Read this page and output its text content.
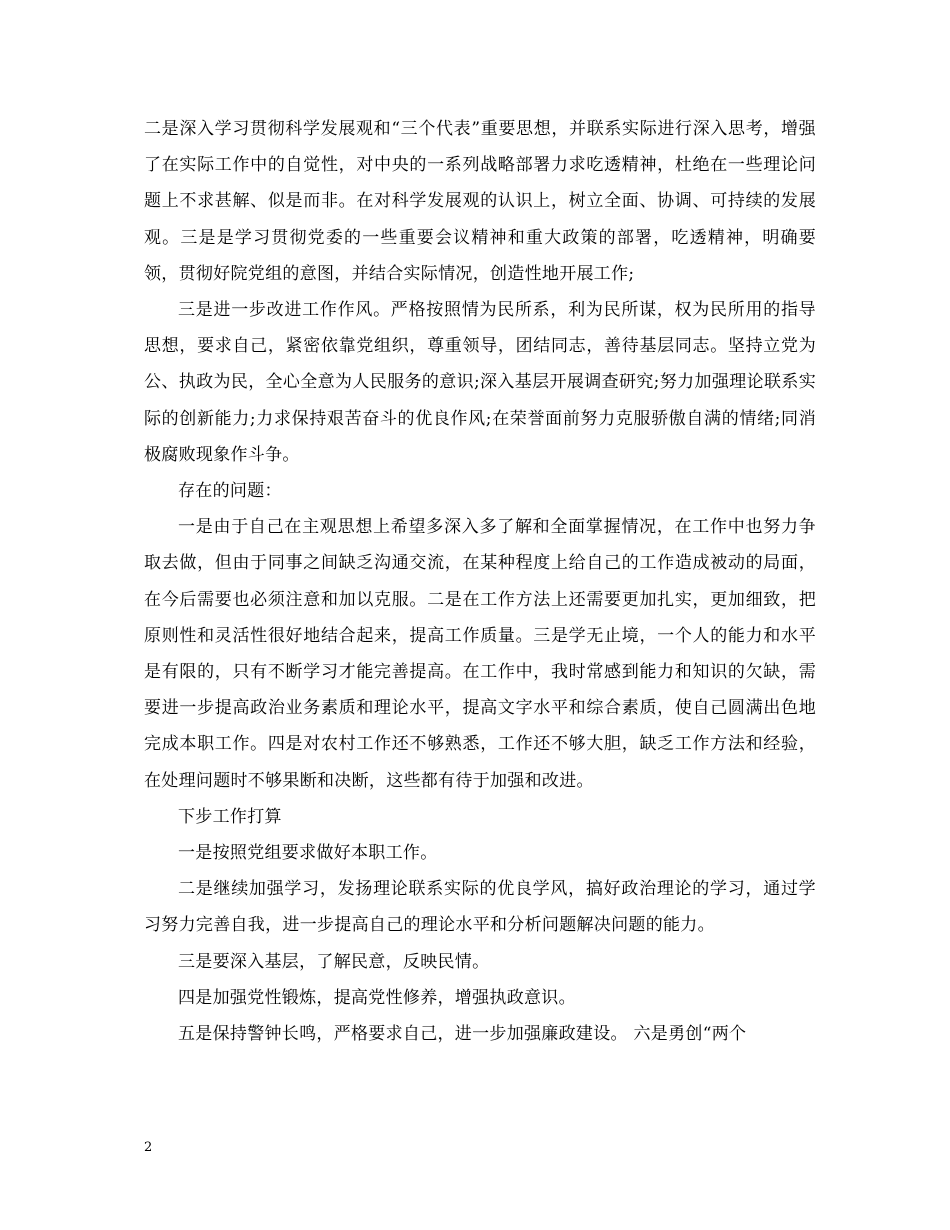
二是深入学习贯彻科学发展观和“三个代表”重要思想，并联系实际进行深入思考，增强了在实际工作中的自觉性，对中央的一系列战略部署力求吃透精神，杜绝在一些理论问题上不求甚解、似是而非。在对科学发展观的认识上，树立全面、协调、可持续的发展观。三是是学习贯彻党委的一些重要会议精神和重大政策的部署，吃透精神，明确要领，贯彻好院党组的意图，并结合实际情况，创造性地开展工作;

三是进一步改进工作作风。严格按照情为民所系，利为民所谋，权为民所用的指导思想，要求自己，紧密依靠党组织，尊重领导，团结同志，善待基层同志。坚持立党为公、执政为民，全心全意为人民服务的意识;深入基层开展调查研究;努力加强理论联系实际的创新能力;力求保持艰苦奋斗的优良作风;在荣誉面前努力克服骄傲自满的情绪;同消极腐败现象作斗争。

存在的问题：

一是由于自己在主观思想上希望多深入多了解和全面掌握情况，在工作中也努力争取去做，但由于同事之间缺乏沟通交流，在某种程度上给自己的工作造成被动的局面，在今后需要也必须注意和加以克服。二是在工作方法上还需要更加扎实，更加细致，把原则性和灵活性很好地结合起来，提高工作质量。三是学无止境，一个人的能力和水平是有限的，只有不断学习才能完善提高。在工作中，我时常感到能力和知识的欠缺，需要进一步提高政治业务素质和理论水平，提高文字水平和综合素质，使自己圆满出色地完成本职工作。四是对农村工作还不够熟悉，工作还不够大胆，缺乏工作方法和经验，在处理问题时不够果断和决断，这些都有待于加强和改进。

下步工作打算

一是按照党组要求做好本职工作。

二是继续加强学习，发扬理论联系实际的优良学风，搞好政治理论的学习，通过学习努力完善自我，进一步提高自己的理论水平和分析问题解决问题的能力。

三是要深入基层，了解民意，反映民情。

四是加强党性锻炼，提高党性修养，增强执政意识。

五是保持警钟长鸣，严格要求自己，进一步加强廉政建设。 六是勇创“两个

2
